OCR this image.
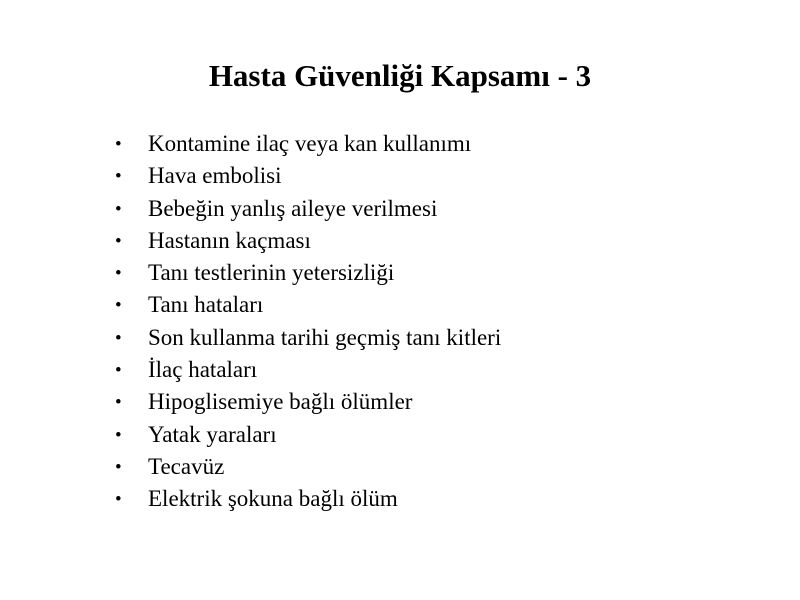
Hasta Güvenliği Kapsamı - 3
•	Kontamine ilaç veya kan kullanımı
•	Hava embolisi
•	Bebeğin yanlış aileye verilmesi
•	Hastanın kaçması
•	Tanı testlerinin yetersizliği
•	Tanı hataları
•	Son kullanma tarihi geçmiş tanı kitleri
•	İlaç hataları
•	Hipoglisemiye bağlı ölümler
•	Yatak yaraları
•	Tecavüz
•	Elektrik şokuna bağlı ölüm
